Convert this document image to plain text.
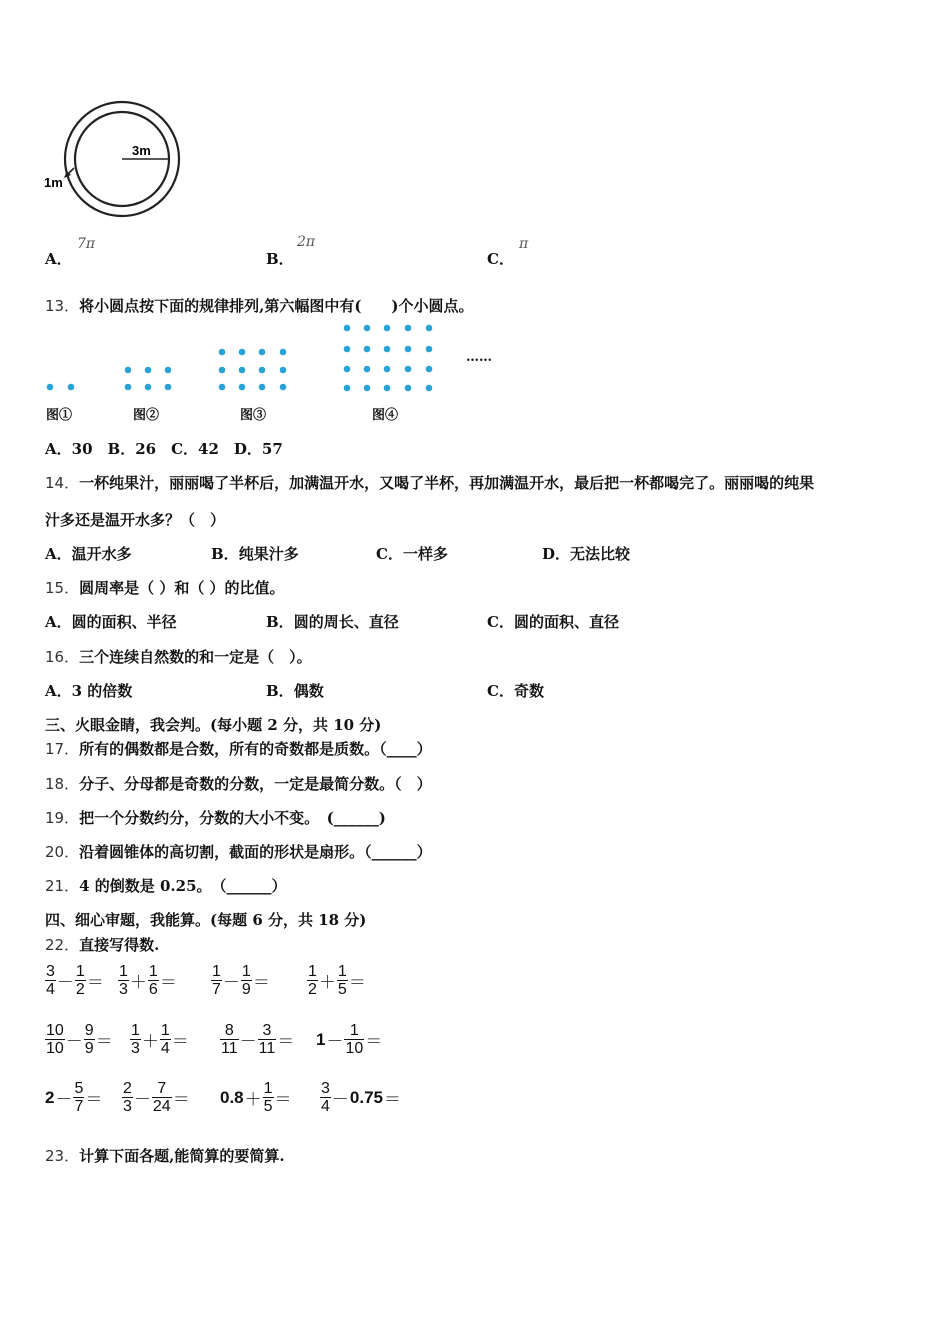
3m
1m
A．
7π
B．
2π
C．
π
13．将小圆点按下面的规律排列,第六幅图中有(　　)个小圆点。
……
图①	图②	图③	图④
A．30　B．26　C．42　D．57
14．一杯纯果汁，丽丽喝了半杯后，加满温开水，又喝了半杯，再加满温开水，最后把一杯都喝完了。丽丽喝的纯果
汁多还是温开水多？（　）
A．温开水多	B．纯果汁多	C．一样多	D．无法比较
15．圆周率是（ ）和（ ）的比值。
A．圆的面积、半径	B．圆的周长、直径	C．圆的面积、直径
16．三个连续自然数的和一定是（　）。
A．3 的倍数	B．偶数	C．奇数
三、火眼金睛，我会判。(每小题 2 分，共 10 分)
17．所有的偶数都是合数，所有的奇数都是质数。（____）
18．分子、分母都是奇数的分数，一定是最简分数。（　）
19．把一个分数约分，分数的大小不变。　(______)
20．沿着圆锥体的高切割，截面的形状是扇形。（______）
21．4 的倒数是 0.25。　（______）
四、细心审题，我能算。(每题 6 分，共 18 分)
22．直接写得数.
$\frac{3}{4} - \frac{1}{2} = \frac{1}{3} + \frac{1}{6} = \frac{1}{7} - \frac{1}{9} = \frac{1}{2} + \frac{1}{5}$ ＝
$\frac{10}{10} - \frac{9}{9} = \frac{1}{3} + \frac{1}{4} = \frac{8}{11} - \frac{3}{11} = 1 - \frac{1}{10}$ ＝
$2 - \frac{5}{7} = \frac{2}{3} - \frac{7}{24} = 0.8 + \frac{1}{5} = \frac{3}{4} - 0.75$ ＝
23．计算下面各题,能简算的要简算.
